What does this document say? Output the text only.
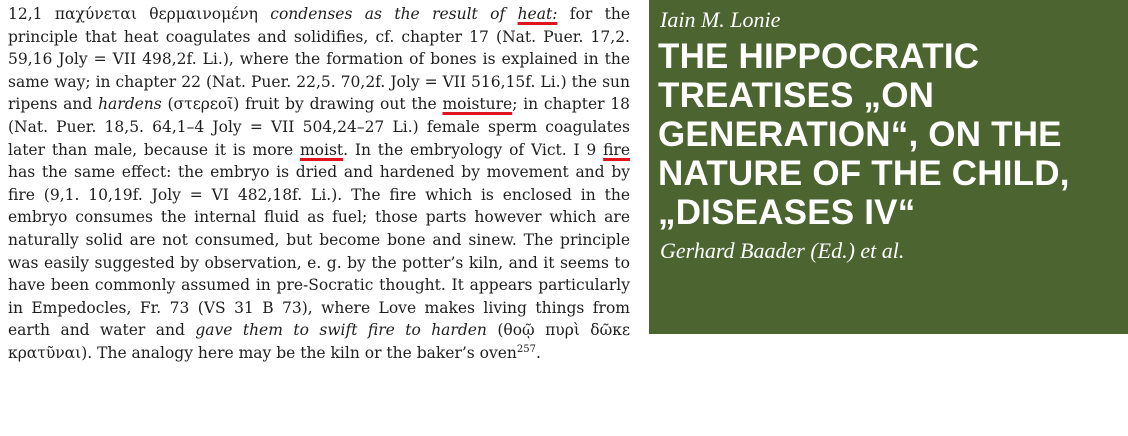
12,1 παχύνεται θερμαινομένη condenses as the result of heat: for the principle that heat coagulates and solidifies, cf. chapter 17 (Nat. Puer. 17,2. 59,16 Joly = VII 498,2f. Li.), where the formation of bones is explained in the same way; in chapter 22 (Nat. Puer. 22,5. 70,2f. Joly = VII 516,15f. Li.) the sun ripens and hardens (στερεοῖ) fruit by drawing out the moisture; in chapter 18 (Nat. Puer. 18,5. 64,1–4 Joly = VII 504,24–27 Li.) female sperm coagulates later than male, because it is more moist. In the embryology of Vict. I 9 fire has the same effect: the embryo is dried and hardened by movement and by fire (9,1. 10,19f. Joly = VI 482,18f. Li.). The fire which is enclosed in the embryo consumes the internal fluid as fuel; those parts however which are naturally solid are not consumed, but become bone and sinew. The principle was easily suggested by observation, e. g. by the potter’s kiln, and it seems to have been commonly assumed in pre-Socratic thought. It appears particularly in Empedocles, Fr. 73 (VS 31 B 73), where Love makes living things from earth and water and gave them to swift fire to harden (θοῷ πυρὶ δῶκε κρατῦναι). The analogy here may be the kiln or the baker’s oven$^{257}$.

Iain M. Lonie
THE HIPPOCRATIC
TREATISES „ON
GENERATION“, ON THE
NATURE OF THE CHILD,
„DISEASES IV“
Gerhard Baader (Ed.) et al.
